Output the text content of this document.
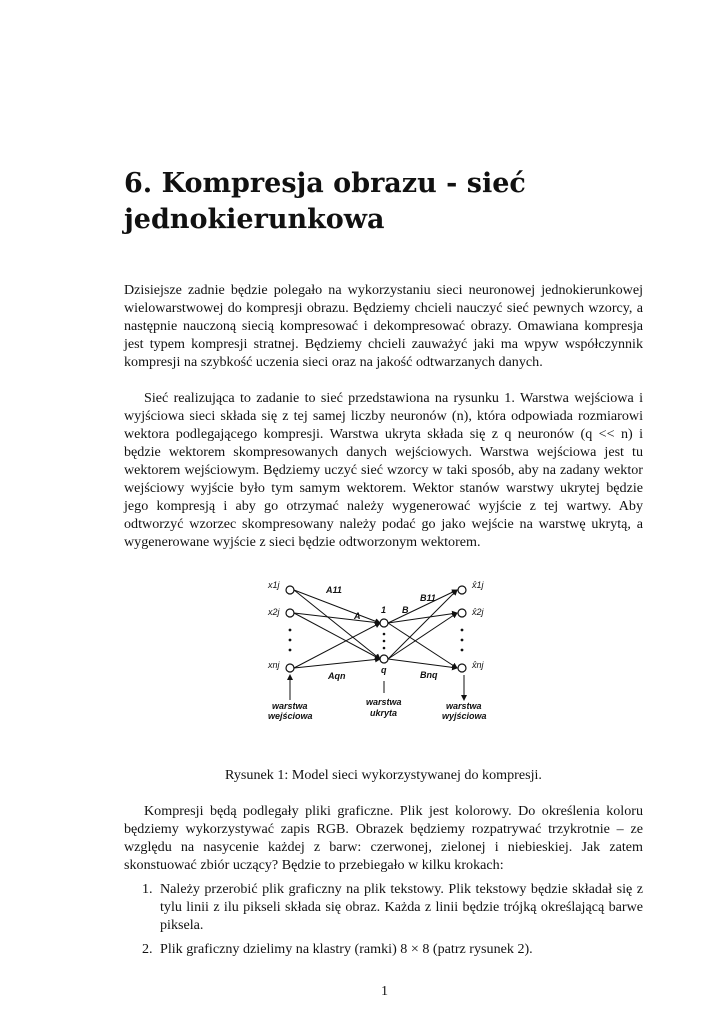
6. Kompresja obrazu - sieć jednokierunkowa

Dzisiejsze zadnie będzie polegało na wykorzystaniu sieci neuronowej jednokierunkowej wielowarstwowej do kompresji obrazu. Będziemy chcieli nauczyć sieć pewnych wzorcy, a następnie nauczoną siecią kompresować i dekompresować obrazy. Omawiana kompresja jest typem kompresji stratnej. Będziemy chcieli zauważyć jaki ma wpyw współczynnik kompresji na szybkość uczenia sieci oraz na jakość odtwarzanych danych.

Sieć realizująca to zadanie to sieć przedstawiona na rysunku 1. Warstwa wejściowa i wyjściowa sieci składa się z tej samej liczby neuronów (n), która odpowiada rozmiarowi wektora podlegającego kompresji. Warstwa ukryta składa się z q neuronów (q << n) i będzie wektorem skompresowanych danych wejściowych. Warstwa wejściowa jest tu wektorem wejściowym. Będziemy uczyć sieć wzorcy w taki sposób, aby na zadany wektor wejściowy wyjście było tym samym wektorem. Wektor stanów warstwy ukrytej będzie jego kompresją i aby go otrzymać należy wygenerować wyjście z tej wartwy. Aby odtworzyć wzorzec skompresowany należy podać go jako wejście na warstwę ukrytą, a wygenerowane wyjście z sieci będzie odtworzonym wektorem.

x1j
x2j
xnj
x̂1j
x̂2j
x̂nj
1
q
A11
A
Aqn
B11
B
Bnq
warstwa
wejściowa
warstwa
ukryta
warstwa
wyjściowa

Rysunek 1: Model sieci wykorzystywanej do kompresji.

Kompresji będą podlegały pliki graficzne. Plik jest kolorowy. Do określenia koloru będziemy wykorzystywać zapis RGB. Obrazek będziemy rozpatrywać trzykrotnie – ze względu na nasycenie każdej z barw: czerwonej, zielonej i niebieskiej. Jak zatem skonstuować zbiór uczący? Będzie to przebiegało w kilku krokach:

1. Należy przerobić plik graficzny na plik tekstowy. Plik tekstowy będzie składał się z tylu linii z ilu pikseli składa się obraz. Każda z linii będzie trójką określającą barwe piksela.
2. Plik graficzny dzielimy na klastry (ramki) 8 × 8 (patrz rysunek 2).
1
